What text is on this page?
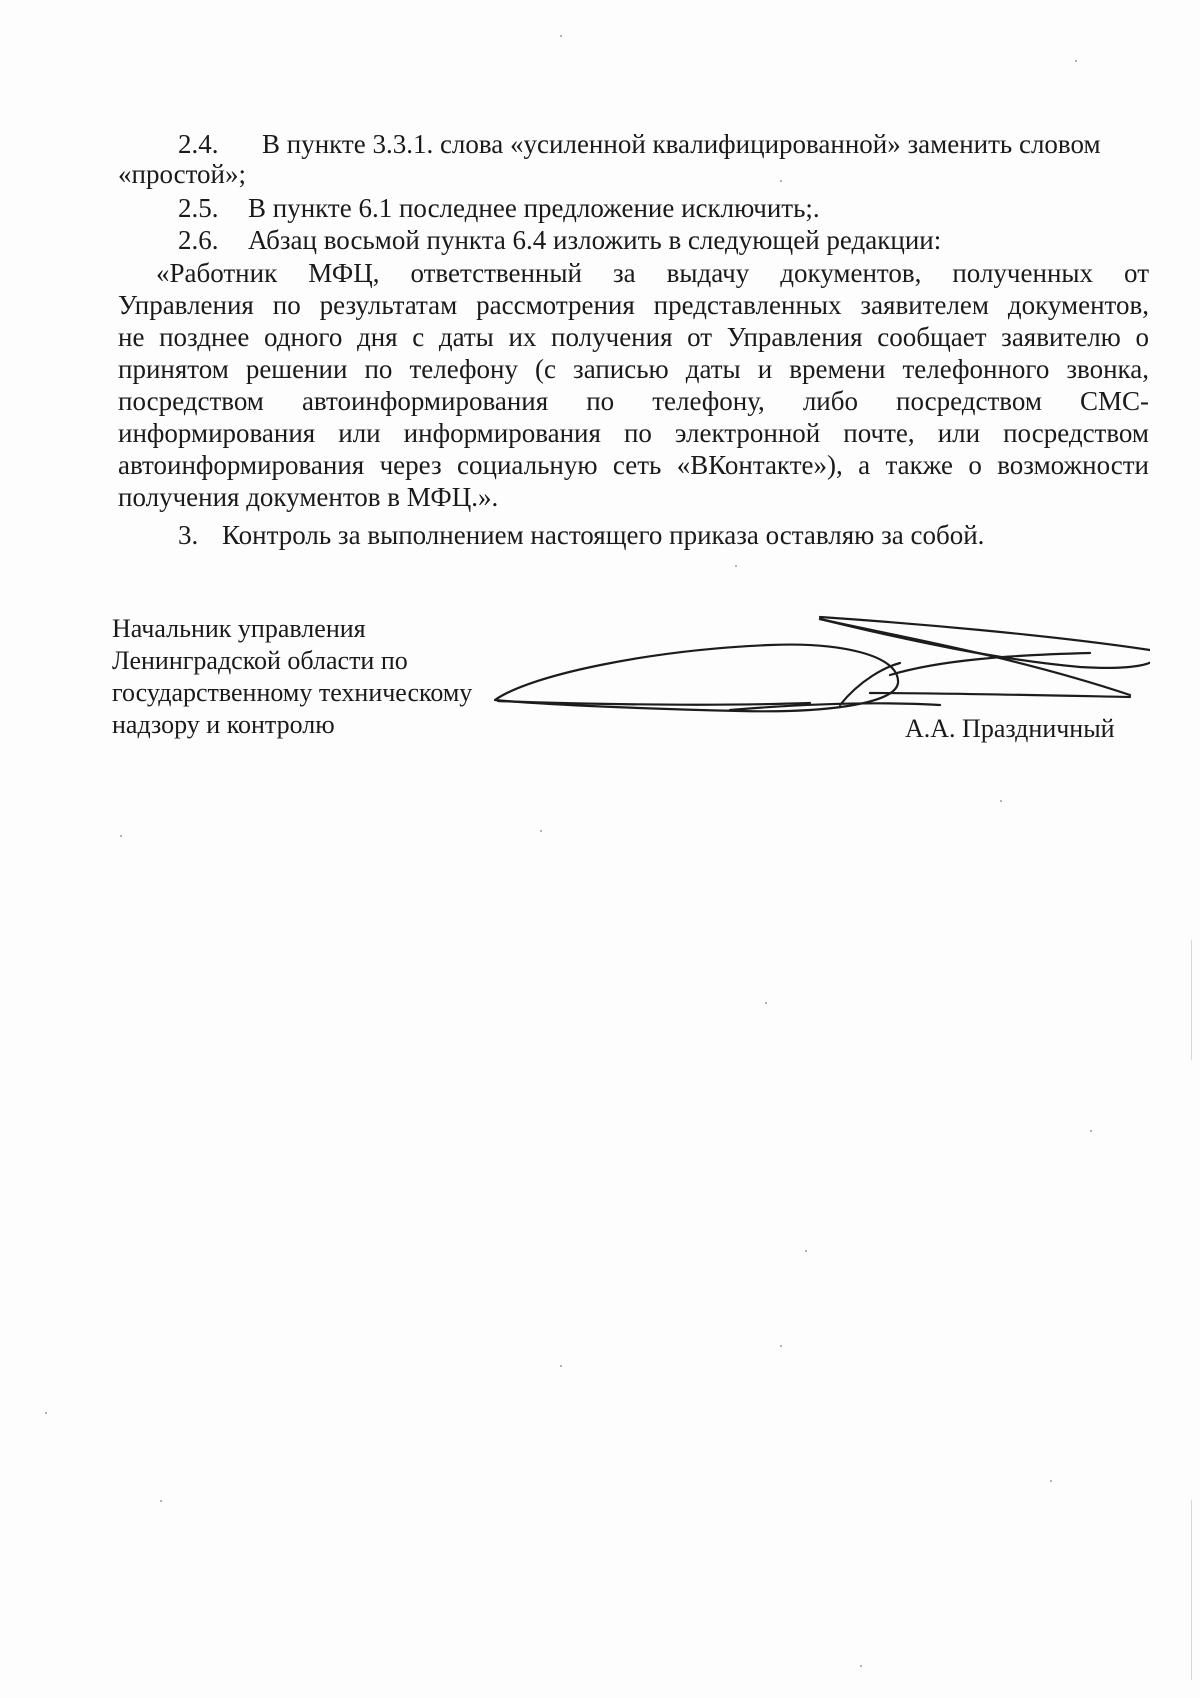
2.4. В пункте 3.3.1. слова «усиленной квалифицированной» заменить словом
«простой»;
2.5. В пункте 6.1 последнее предложение исключить;.
2.6. Абзац восьмой пункта 6.4 изложить в следующей редакции:
«Работник МФЦ, ответственный за выдачу документов, полученных от
Управления по результатам рассмотрения представленных заявителем документов,
не позднее одного дня с даты их получения от Управления сообщает заявителю о
принятом решении по телефону (с записью даты и времени телефонного звонка,
посредством автоинформирования по телефону, либо посредством СМС-
информирования или информирования по электронной почте, или посредством
автоинформирования через социальную сеть «ВКонтакте»), а также о возможности
получения документов в МФЦ.».
3. Контроль за выполнением настоящего приказа оставляю за собой.
Начальник управления
Ленинградской области по
государственному техническому
надзору и контролю	А.А. Праздничный
